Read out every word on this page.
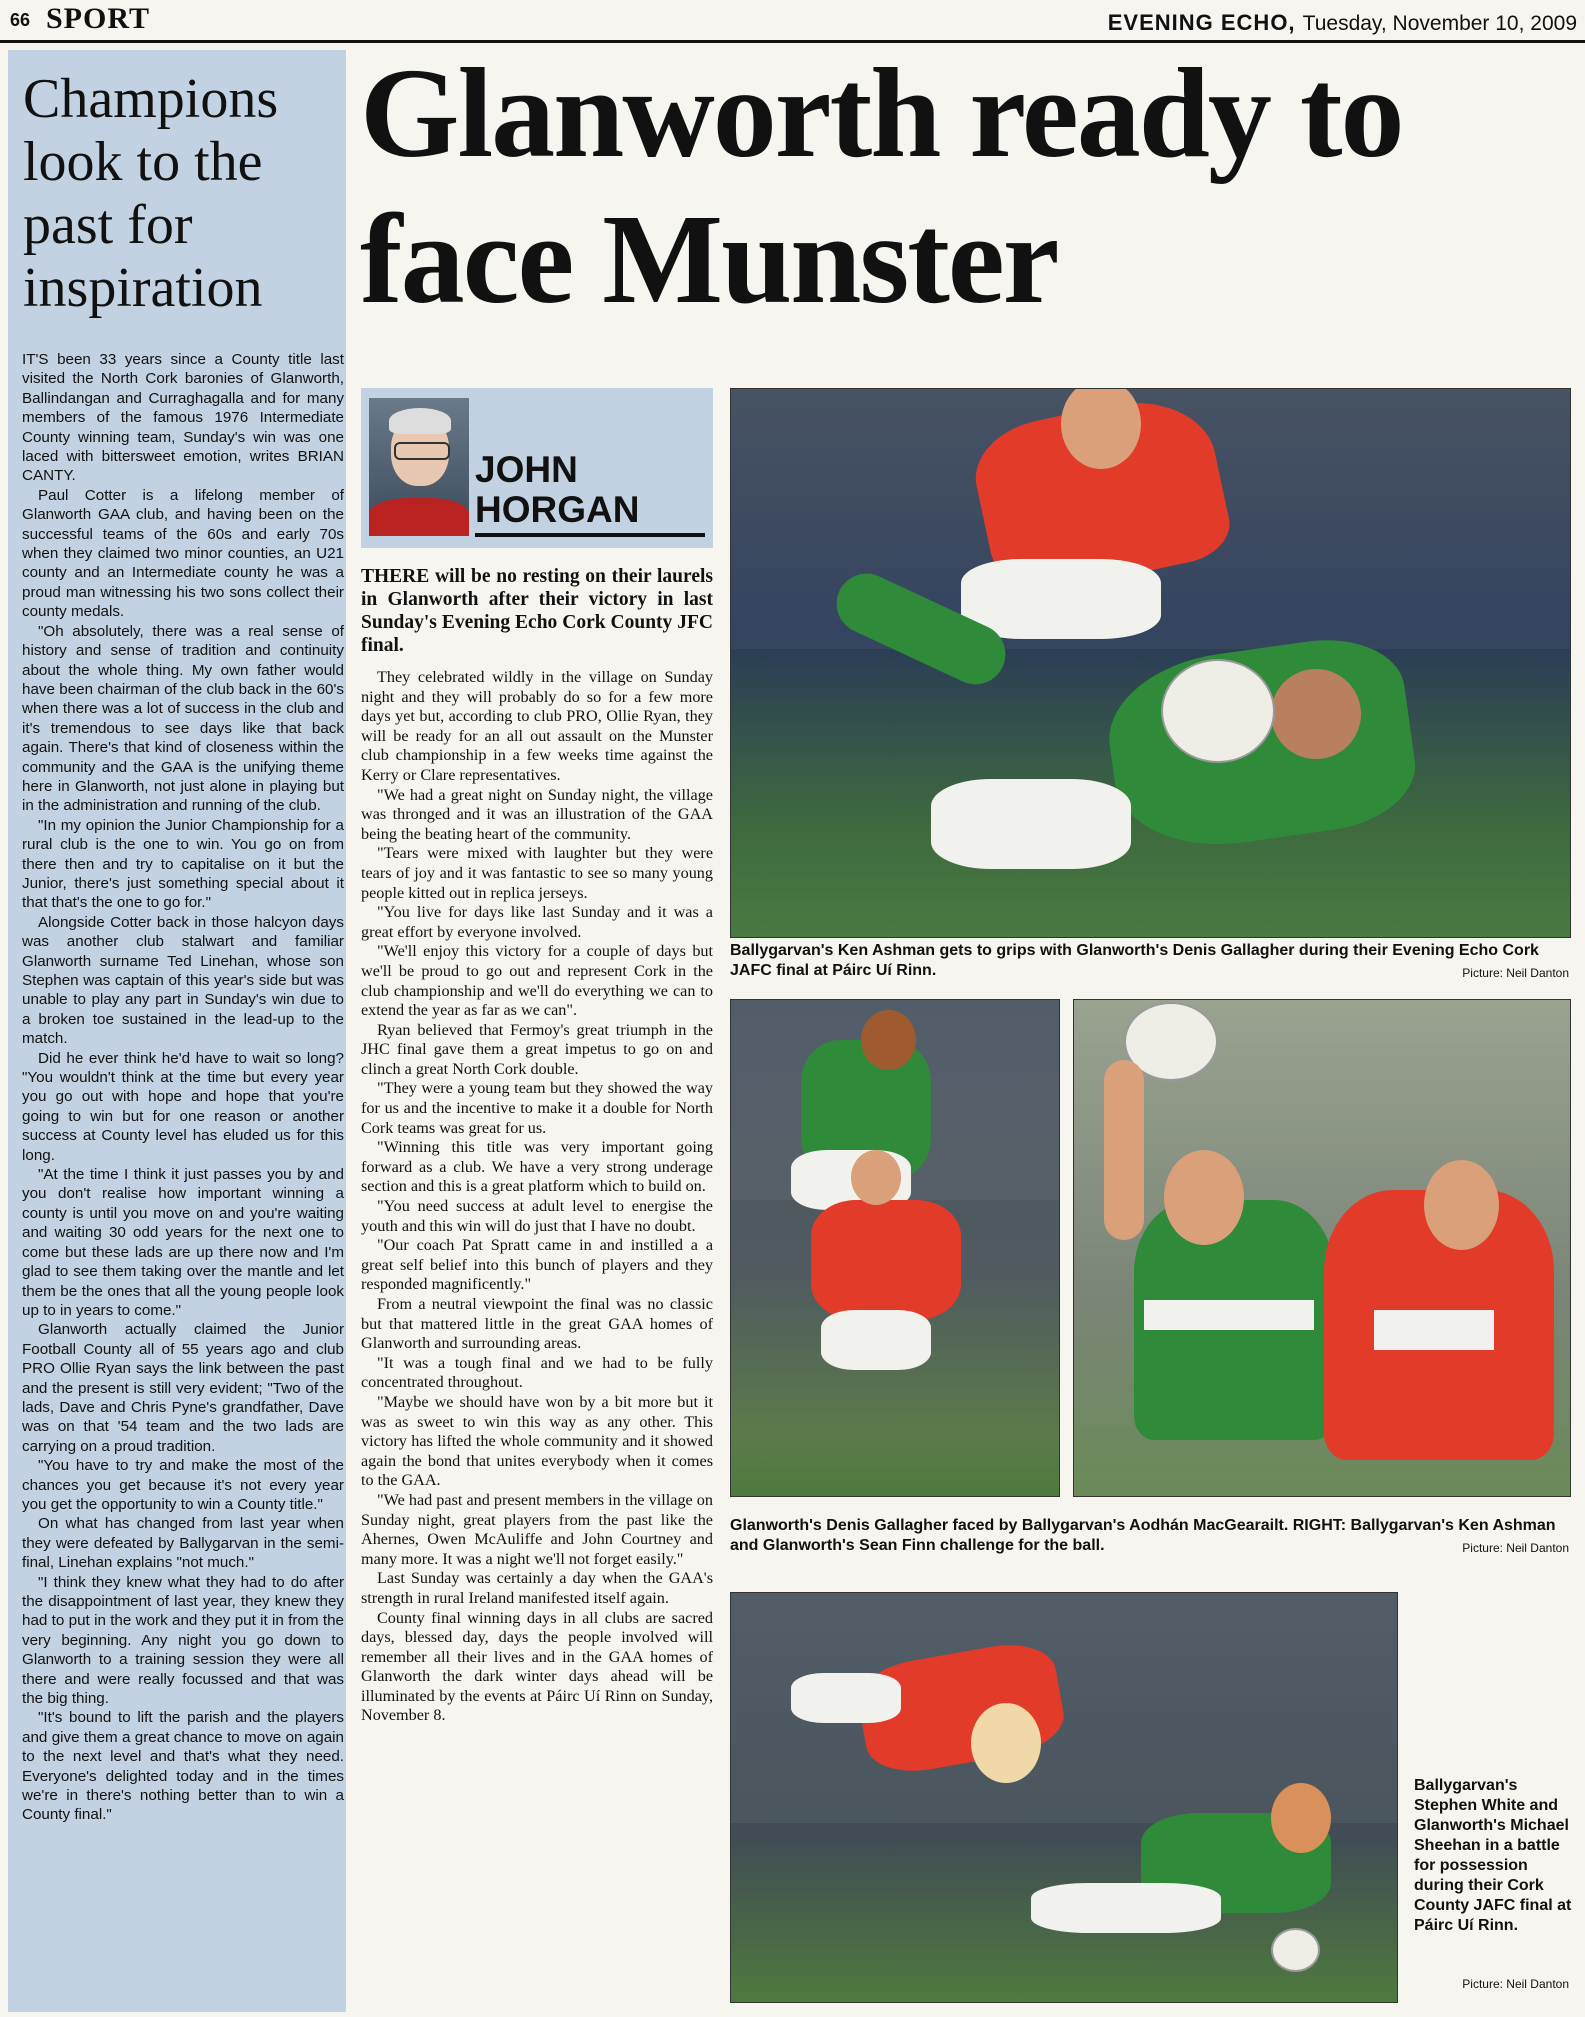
66 SPORT	EVENING ECHO, Tuesday, November 10, 2009
Champions
look to the
past for
inspiration

IT'S been 33 years since a County title last visited the North Cork baronies of Glanworth, Ballindangan and Curraghagalla and for many members of the famous 1976 Intermediate County winning team, Sunday's win was one laced with bittersweet emotion, writes BRIAN CANTY.

Paul Cotter is a lifelong member of Glanworth GAA club, and having been on the successful teams of the 60s and early 70s when they claimed two minor counties, an U21 county and an Intermediate county he was a proud man witnessing his two sons collect their county medals.

"Oh absolutely, there was a real sense of history and sense of tradition and continuity about the whole thing. My own father would have been chairman of the club back in the 60's when there was a lot of success in the club and it's tremendous to see days like that back again. There's that kind of closeness within the community and the GAA is the unifying theme here in Glanworth, not just alone in playing but in the administration and running of the club.

"In my opinion the Junior Championship for a rural club is the one to win. You go on from there then and try to capitalise on it but the Junior, there's just something special about it that that's the one to go for."

Alongside Cotter back in those halcyon days was another club stalwart and familiar Glanworth surname Ted Linehan, whose son Stephen was captain of this year's side but was unable to play any part in Sunday's win due to a broken toe sustained in the lead-up to the match.

Did he ever think he'd have to wait so long? "You wouldn't think at the time but every year you go out with hope and hope that you're going to win but for one reason or another success at County level has eluded us for this long.

"At the time I think it just passes you by and you don't realise how important winning a county is until you move on and you're waiting and waiting 30 odd years for the next one to come but these lads are up there now and I'm glad to see them taking over the mantle and let them be the ones that all the young people look up to in years to come."

Glanworth actually claimed the Junior Football County all of 55 years ago and club PRO Ollie Ryan says the link between the past and the present is still very evident; "Two of the lads, Dave and Chris Pyne's grandfather, Dave was on that '54 team and the two lads are carrying on a proud tradition.

"You have to try and make the most of the chances you get because it's not every year you get the opportunity to win a County title."

On what has changed from last year when they were defeated by Ballygarvan in the semi-final, Linehan explains "not much."

"I think they knew what they had to do after the disappointment of last year, they knew they had to put in the work and they put it in from the very beginning. Any night you go down to Glanworth to a training session they were all there and were really focussed and that was the big thing.

"It's bound to lift the parish and the players and give them a great chance to move on again to the next level and that's what they need. Everyone's delighted today and in the times we're in there's nothing better than to win a County final."

Glanworth ready to face Munster
JOHN
HORGAN

THERE will be no resting on their laurels in Glanworth after their victory in last Sunday's Evening Echo Cork County JFC final.

They celebrated wildly in the village on Sunday night and they will probably do so for a few more days yet but, according to club PRO, Ollie Ryan, they will be ready for an all out assault on the Munster club championship in a few weeks time against the Kerry or Clare representatives.

"We had a great night on Sunday night, the village was thronged and it was an illustration of the GAA being the beating heart of the community.

"Tears were mixed with laughter but they were tears of joy and it was fantastic to see so many young people kitted out in replica jerseys.

"You live for days like last Sunday and it was a great effort by everyone involved.

"We'll enjoy this victory for a couple of days but we'll be proud to go out and represent Cork in the club championship and we'll do everything we can to extend the year as far as we can".

Ryan believed that Fermoy's great triumph in the JHC final gave them a great impetus to go on and clinch a great North Cork double.

"They were a young team but they showed the way for us and the incentive to make it a double for North Cork teams was great for us.

"Winning this title was very important going forward as a club. We have a very strong underage section and this is a great platform which to build on.

"You need success at adult level to energise the youth and this win will do just that I have no doubt.

"Our coach Pat Spratt came in and instilled a a great self belief into this bunch of players and they responded magnificently."

From a neutral viewpoint the final was no classic but that mattered little in the great GAA homes of Glanworth and surrounding areas.

"It was a tough final and we had to be fully concentrated throughout.

"Maybe we should have won by a bit more but it was as sweet to win this way as any other. This victory has lifted the whole community and it showed again the bond that unites everybody when it comes to the GAA.

"We had past and present members in the village on Sunday night, great players from the past like the Ahernes, Owen McAuliffe and John Courtney and many more. It was a night we'll not forget easily."

Last Sunday was certainly a day when the GAA's strength in rural Ireland manifested itself again.

County final winning days in all clubs are sacred days, blessed day, days the people involved will remember all their lives and in the GAA homes of Glanworth the dark winter days ahead will be illuminated by the events at Páirc Uí Rinn on Sunday, November 8.

Ballygarvan's Ken Ashman gets to grips with Glanworth's Denis Gallagher during their Evening Echo Cork JAFC final at Páirc Uí Rinn.	Picture: Neil Danton
Glanworth's Denis Gallagher faced by Ballygarvan's Aodhán MacGearailt. RIGHT: Ballygarvan's Ken Ashman and Glanworth's Sean Finn challenge for the ball.	Picture: Neil Danton
Ballygarvan's Stephen White and Glanworth's Michael Sheehan in a battle for possession during their Cork County JAFC final at Páirc Uí Rinn.
Picture: Neil Danton
